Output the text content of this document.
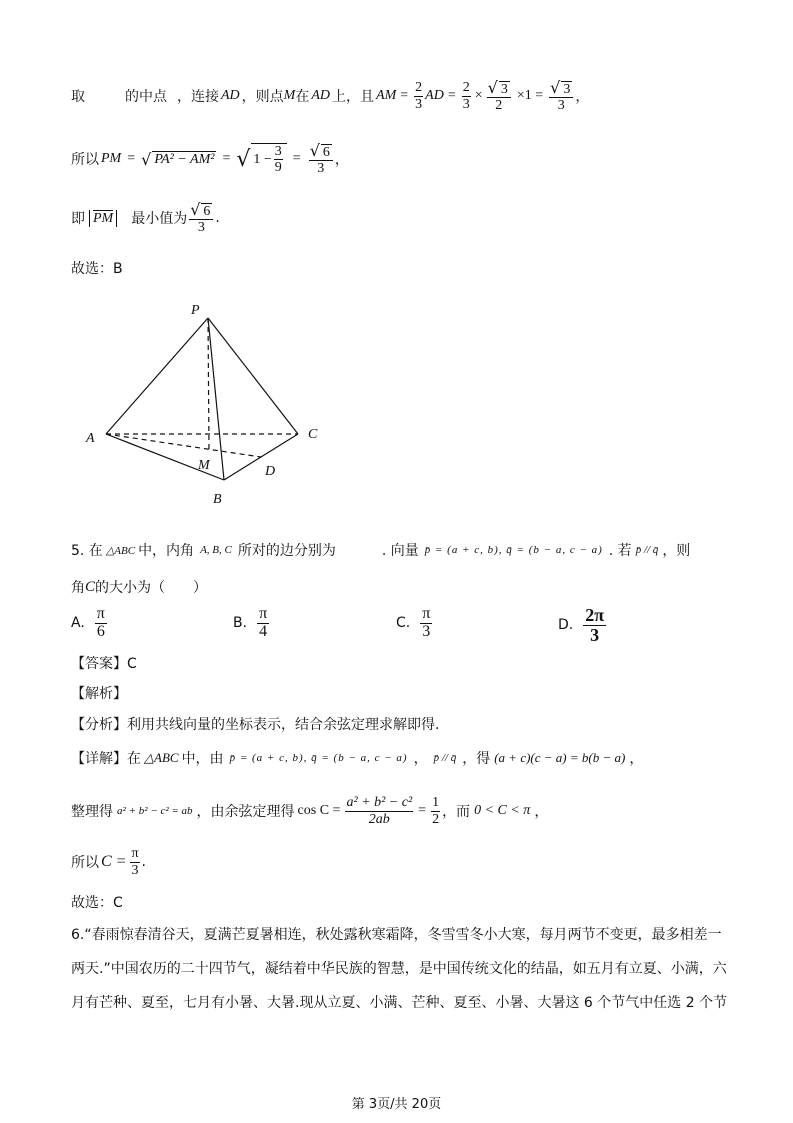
取	的中点 ，连接 AD ，则点 M 在 AD 上，且 AM = $\frac{2}{3}$ AD = $\frac{2}{3} \times \frac{√ 3}{2} \times 1 = \frac{√ 3}{3}$ ，
所以 PM = √ PA² − AM² = √ $1 - \frac{3}{9} = \frac{√ 6}{3}$ ，
即 PM 最小值为 $\frac{√ 6}{3}$ .
故选：B
P
A	C
M	D
B
5. 在 △ABC 中，内角 A, B, C 所对的边分别为	. 向量 p̄ = (a + c, b), q̄ = (b − a, c − a) . 若 p̄ // q̄ ，则
角 C 的大小为（　　）
A. $\frac{\pi}{6}$	B. $\frac{\pi}{4}$	C. $\frac{\pi}{3}$	D. $\frac{2\pi}{3}$
【答案】C
【解析】
【分析】利用共线向量的坐标表示，结合余弦定理求解即得.
【详解】在 △ABC 中，由 p̄ = (a + c, b), q̄ = (b − a, c − a) ， p̄ // q̄ ，得 (a + c)(c − a) = b(b − a) ，
整理得 a² + b² − c² = ab ，由余弦定理得 $\cos C = \frac{\text{a² + b² − c²}}{2ab} = \frac{1}{2}$ ，而 0 < C < π ，
所以 $C = \frac{\pi}{3}$ .
故选：C
6.“春雨惊春清谷天，夏满芒夏暑相连，秋处露秋寒霜降，冬雪雪冬小大寒，每月两节不变更，最多相差一
两天.”中国农历的二十四节气，凝结着中华民族的智慧，是中国传统文化的结晶，如五月有立夏、小满，六
月有芒种、夏至，七月有小暑、大暑.现从立夏、小满、芒种、夏至、小暑、大暑这 6 个节气中任选 2 个节
第 3页/共 20页
